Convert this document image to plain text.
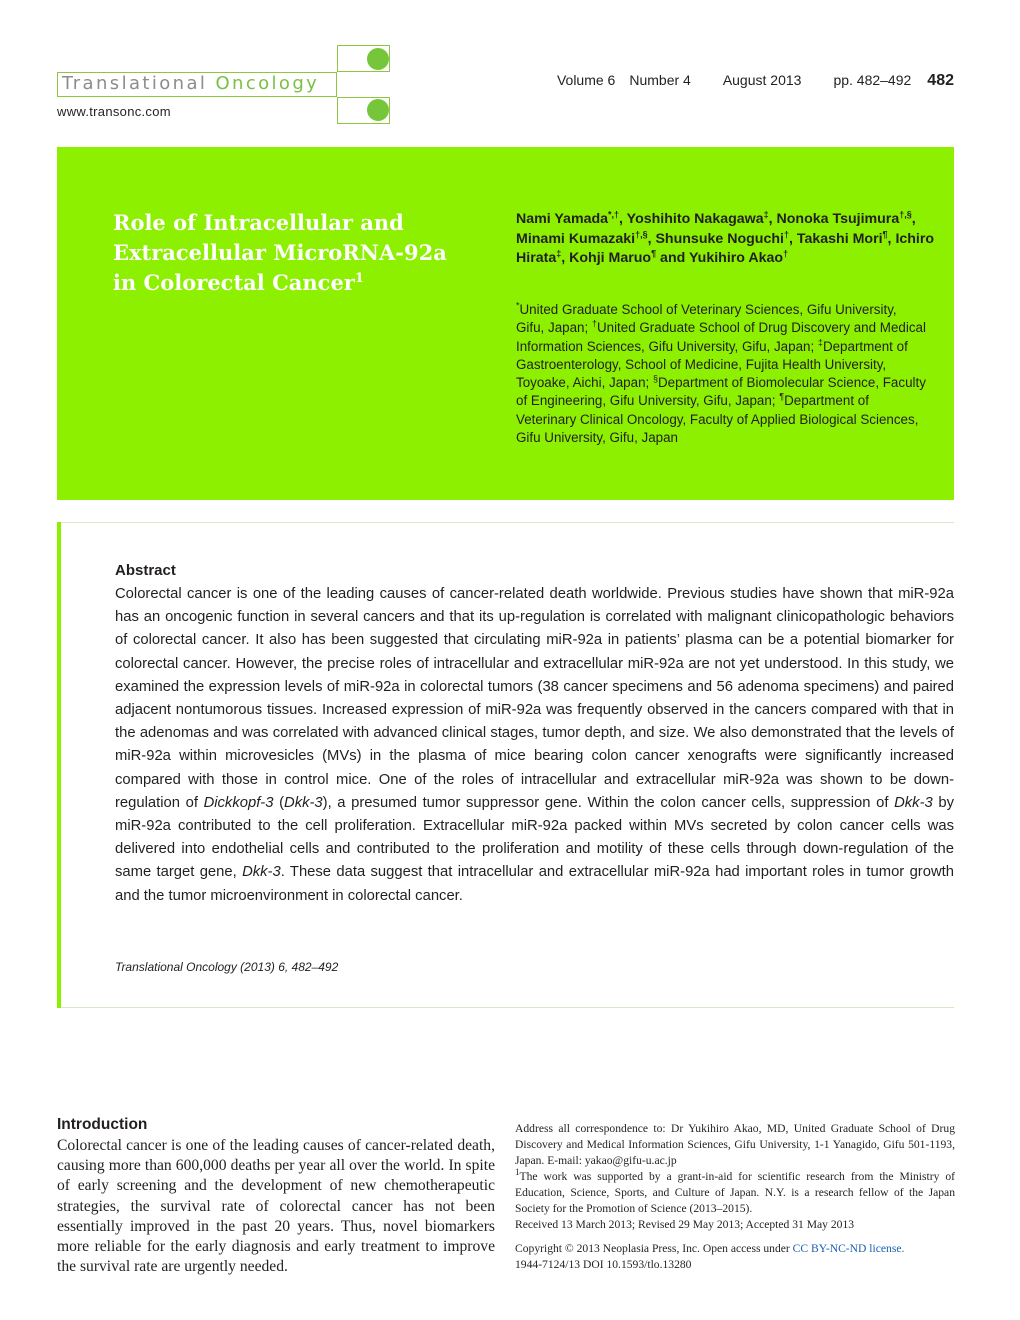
Translational Oncology
www.transonc.com
Volume 6 Number 4 August 2013 pp. 482–492 482
Role of Intracellular and Extracellular MicroRNA-92a in Colorectal Cancer$^1$
Nami Yamada*,†, Yoshihito Nakagawa‡, Nonoka Tsujimura†,§, Minami Kumazaki†,§, Shunsuke Noguchi†, Takashi Mori¶, Ichiro Hirata‡, Kohji Maruo¶ and Yukihiro Akao†
*United Graduate School of Veterinary Sciences, Gifu University, Gifu, Japan; †United Graduate School of Drug Discovery and Medical Information Sciences, Gifu University, Gifu, Japan; ‡Department of Gastroenterology, School of Medicine, Fujita Health University, Toyoake, Aichi, Japan; §Department of Biomolecular Science, Faculty of Engineering, Gifu University, Gifu, Japan; ¶Department of Veterinary Clinical Oncology, Faculty of Applied Biological Sciences, Gifu University, Gifu, Japan
Abstract
Colorectal cancer is one of the leading causes of cancer-related death worldwide. Previous studies have shown that miR-92a has an oncogenic function in several cancers and that its up-regulation is correlated with malignant clinicopathologic behaviors of colorectal cancer. It also has been suggested that circulating miR-92a in patients’ plasma can be a potential biomarker for colorectal cancer. However, the precise roles of intracellular and extracellular miR-92a are not yet understood. In this study, we examined the expression levels of miR-92a in colorectal tumors (38 cancer specimens and 56 adenoma specimens) and paired adjacent nontumorous tissues. Increased expression of miR-92a was frequently observed in the cancers compared with that in the adenomas and was correlated with advanced clinical stages, tumor depth, and size. We also demonstrated that the levels of miR-92a within microvesicles (MVs) in the plasma of mice bearing colon cancer xenografts were significantly increased compared with those in control mice. One of the roles of intracellular and extracellular miR-92a was shown to be down-regulation of Dickkopf-3 (Dkk-3), a presumed tumor suppressor gene. Within the colon cancer cells, suppression of Dkk-3 by miR-92a contributed to the cell proliferation. Extracellular miR-92a packed within MVs secreted by colon cancer cells was delivered into endothelial cells and contributed to the proliferation and motility of these cells through down-regulation of the same target gene, Dkk-3. These data suggest that intracellular and extracellular miR-92a had important roles in tumor growth and the tumor microenvironment in colorectal cancer.
Translational Oncology (2013) 6, 482–492
Introduction
Colorectal cancer is one of the leading causes of cancer-related death, causing more than 600,000 deaths per year all over the world. In spite of early screening and the development of new chemotherapeutic strategies, the survival rate of colorectal cancer has not been essentially improved in the past 20 years. Thus, novel biomarkers more reliable for the early diagnosis and early treatment to improve the survival rate are urgently needed.

Address all correspondence to: Dr Yukihiro Akao, MD, United Graduate School of Drug Discovery and Medical Information Sciences, Gifu University, 1-1 Yanagido, Gifu 501-1193, Japan. E-mail: yakao@gifu-u.ac.jp

$^1$The work was supported by a grant-in-aid for scientific research from the Ministry of Education, Science, Sports, and Culture of Japan. N.Y. is a research fellow of the Japan Society for the Promotion of Science (2013–2015).

Received 13 March 2013; Revised 29 May 2013; Accepted 31 May 2013

Copyright © 2013 Neoplasia Press, Inc. Open access under CC BY-NC-ND license.

1944-7124/13 DOI 10.1593/tlo.13280
